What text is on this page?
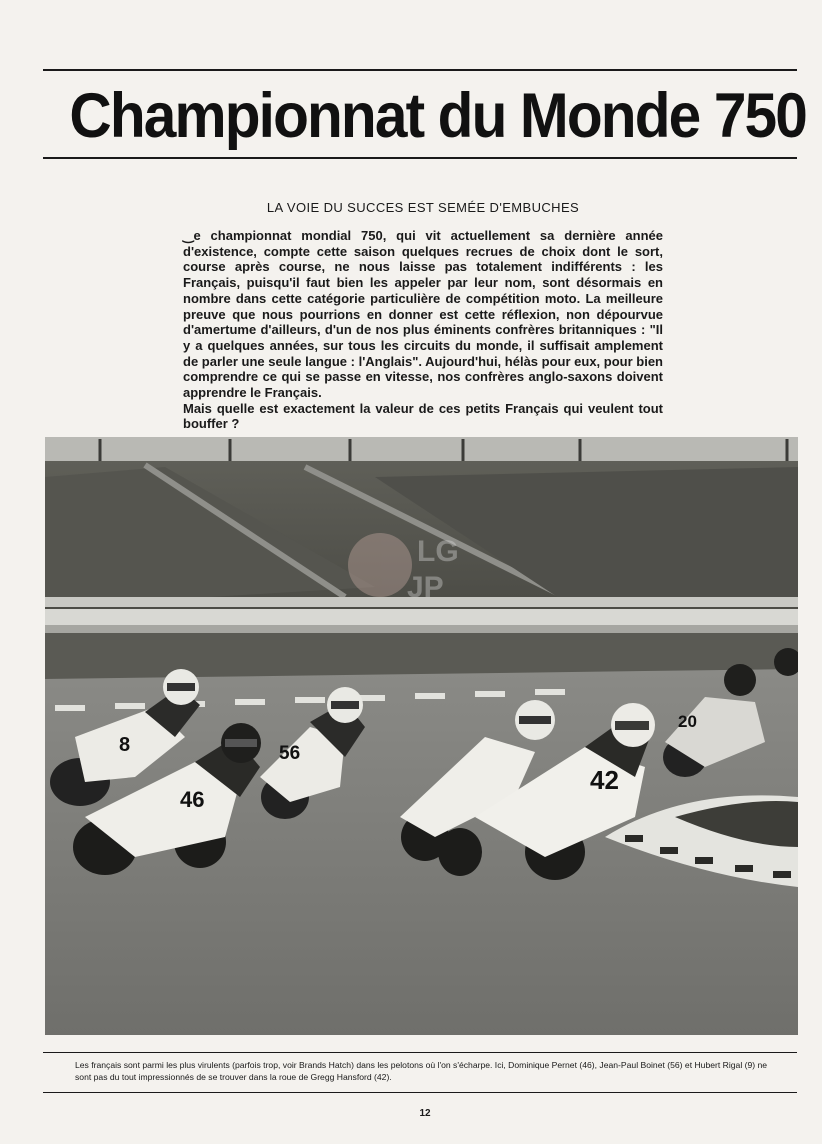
Championnat du Monde 750
LA VOIE DU SUCCES EST SEMÉE D'EMBUCHES

‿e championnat mondial 750, qui vit actuellement sa dernière année d'existence, compte cette saison quelques recrues de choix dont le sort, course après course, ne nous laisse pas totalement indifférents : les Français, puisqu'il faut bien les appeler par leur nom, sont désormais en nombre dans cette catégorie particulière de compétition moto. La meilleure preuve que nous pourrions en donner est cette réflexion, non dépourvue d'amertume d'ailleurs, d'un de nos plus éminents confrères britanniques : "Il y a quelques années, sur tous les circuits du monde, il suffisait amplement de parler une seule langue : l'Anglais". Aujourd'hui, hélàs pour eux, pour bien comprendre ce qui se passe en vitesse, nos confrères anglo-saxons doivent apprendre le Français.

Mais quelle est exactement la valeur de ces petits Français qui veulent tout bouffer ?

LG
JP
8
46
56
42
20
Les français sont parmi les plus virulents (parfois trop, voir Brands Hatch) dans les pelotons où l'on s'écharpe. Ici, Dominique Pernet (46), Jean-Paul Boinet (56) et Hubert Rigal (9) ne sont pas du tout impressionnés de se trouver dans la roue de Gregg Hansford (42).
12
